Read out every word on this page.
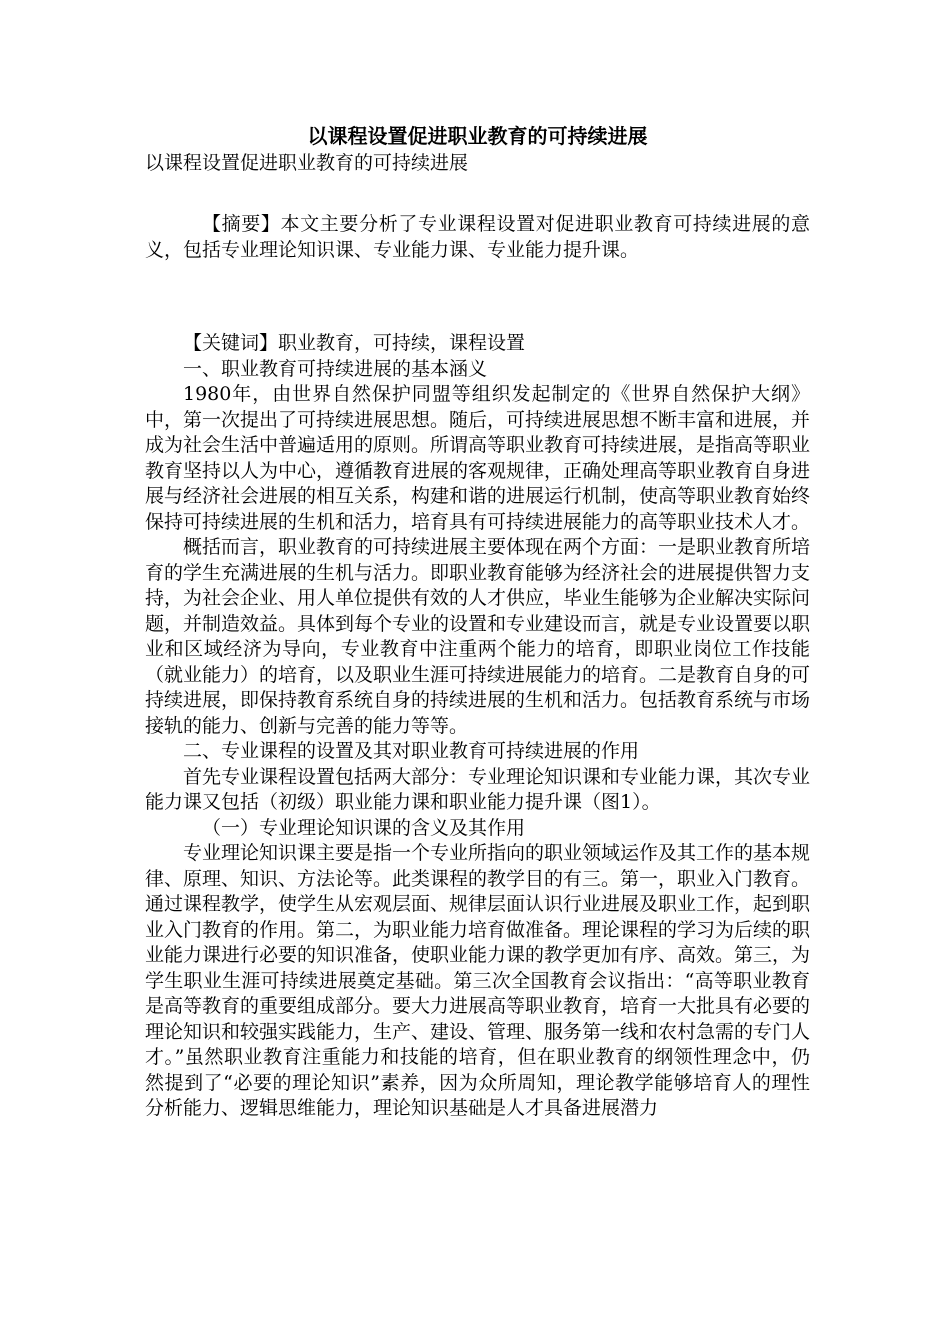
以课程设置促进职业教育的可持续进展

以课程设置促进职业教育的可持续进展

【摘要】本文主要分析了专业课程设置对促进职业教育可持续进展的意义，包括专业理论知识课、专业能力课、专业能力提升课。

【关键词】职业教育，可持续，课程设置

一、职业教育可持续进展的基本涵义

1980年，由世界自然保护同盟等组织发起制定的《世界自然保护大纲》中，第一次提出了可持续进展思想。随后，可持续进展思想不断丰富和进展，并成为社会生活中普遍适用的原则。所谓高等职业教育可持续进展，是指高等职业教育坚持以人为中心，遵循教育进展的客观规律，正确处理高等职业教育自身进展与经济社会进展的相互关系，构建和谐的进展运行机制，使高等职业教育始终保持可持续进展的生机和活力，培育具有可持续进展能力的高等职业技术人才。

概括而言，职业教育的可持续进展主要体现在两个方面：一是职业教育所培育的学生充满进展的生机与活力。即职业教育能够为经济社会的进展提供智力支持，为社会企业、用人单位提供有效的人才供应，毕业生能够为企业解决实际问题，并制造效益。具体到每个专业的设置和专业建设而言，就是专业设置要以职业和区域经济为导向，专业教育中注重两个能力的培育，即职业岗位工作技能（就业能力）的培育，以及职业生涯可持续进展能力的培育。二是教育自身的可持续进展，即保持教育系统自身的持续进展的生机和活力。包括教育系统与市场接轨的能力、创新与完善的能力等等。

二、专业课程的设置及其对职业教育可持续进展的作用

首先专业课程设置包括两大部分：专业理论知识课和专业能力课，其次专业能力课又包括（初级）职业能力课和职业能力提升课（图1）。

（一）专业理论知识课的含义及其作用

专业理论知识课主要是指一个专业所指向的职业领域运作及其工作的基本规律、原理、知识、方法论等。此类课程的教学目的有三。第一，职业入门教育。通过课程教学，使学生从宏观层面、规律层面认识行业进展及职业工作，起到职业入门教育的作用。第二，为职业能力培育做准备。理论课程的学习为后续的职业能力课进行必要的知识准备，使职业能力课的教学更加有序、高效。第三，为学生职业生涯可持续进展奠定基础。第三次全国教育会议指出：“高等职业教育是高等教育的重要组成部分。要大力进展高等职业教育，培育一大批具有必要的理论知识和较强实践能力，生产、建设、管理、服务第一线和农村急需的专门人才。”虽然职业教育注重能力和技能的培育，但在职业教育的纲领性理念中，仍然提到了“必要的理论知识”素养，因为众所周知，理论教学能够培育人的理性分析能力、逻辑思维能力，理论知识基础是人才具备进展潜力
